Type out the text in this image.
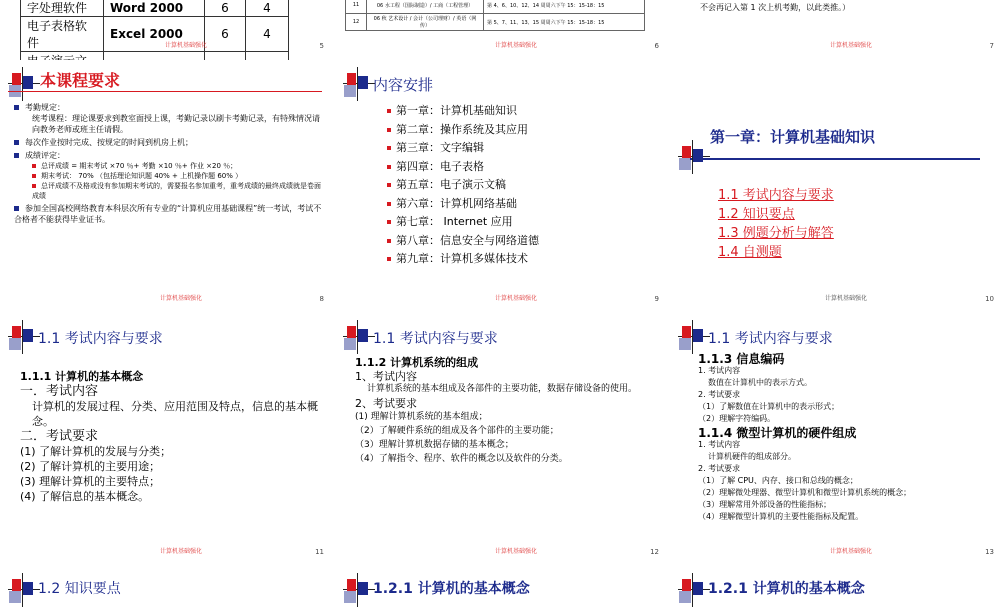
字处理软件	Word 2000	6	4
电子表格软件	Excel 2000	6	4

计算机基础强化	5
11	06 水工程（国际制造）/ 工商（工程管理）	第 4、6、10、12、14 周周六下午 15：15-18：15
12	06 秋 艺术设计 / 会计（公司理财）/ 英语（网传）	第 5、7、11、13、15 周周六下午 15：15-18：15
计算机基础强化	6
不会再记入第 1 次上机考勤，以此类推。）
计算机基础强化	7
本课程要求
考勤规定：
统考课程：理论课要求到教室面授上课，考勤记录以刷卡考勤记录，有特殊情况请向教务老师或班主任请假。
每次作业按时完成、按规定的时间到机房上机；
成绩评定：
总评成绩 = 期末考试 ×70 ％+ 考勤 ×10 ％+ 作业 ×20 ％；
期末考试： 70% （包括理论知识题 40% + 上机操作题 60% ）
总评成绩不及格或没有参加期末考试的，需要报名参加重考，重考成绩的最终成绩就是卷面成绩
参加全国高校网络教育本科层次所有专业的“计算机应用基础课程”统一考试，考试不合格者不能获得毕业证书。
计算机基础强化	8
内容安排
第一章：计算机基础知识
第二章：操作系统及其应用
第三章：文字编辑
第四章：电子表格
第五章：电子演示文稿
第六章：计算机网络基础
第七章： Internet 应用
第八章：信息安全与网络道德
第九章：计算机多媒体技术
计算机基础强化	9
第一章：计算机基础知识
1.1 考试内容与要求
1.2 知识要点
1.3 例题分析与解答
1.4 自测题
计算机基础强化	10
1.1 考试内容与要求
1.1.1 计算机的基本概念
一．考试内容
计算机的发展过程、分类、应用范围及特点，信息的基本概念。
二．考试要求
(1) 了解计算机的发展与分类；
(2) 了解计算机的主要用途；
(3) 理解计算机的主要特点；
(4) 了解信息的基本概念。
计算机基础强化	11
1.1 考试内容与要求
1.1.2 计算机系统的组成
1、考试内容
计算机系统的基本组成及各部件的主要功能，数据存储设备的使用。
2、考试要求
(1) 理解计算机系统的基本组成；
（2）了解硬件系统的组成及各个部件的主要功能；
（3）理解计算机数据存储的基本概念；
（4）了解指令、程序、软件的概念以及软件的分类。
计算机基础强化	12
1.1 考试内容与要求
1.1.3 信息编码
1. 考试内容
数值在计算机中的表示方式。
2. 考试要求
（1）了解数值在计算机中的表示形式；
（2）理解字符编码。
1.1.4 微型计算机的硬件组成
1. 考试内容
计算机硬件的组成部分。
2. 考试要求
（1）了解 CPU、内存、接口和总线的概念；
（2）理解微处理器、微型计算机和微型计算机系统的概念；
（3）理解常用外部设备的性能指标；
（4）理解微型计算机的主要性能指标及配置。
计算机基础强化	13
1.2 知识要点	1.2.1 计算机的基本概念	1.2.1 计算机的基本概念
